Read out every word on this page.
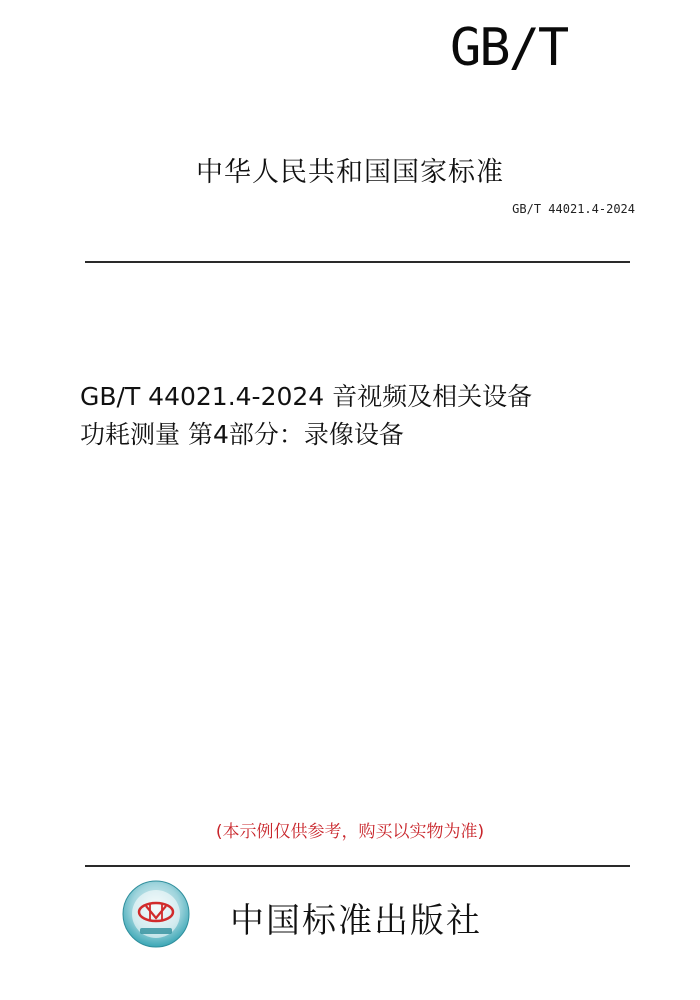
GB/T
中华人民共和国国家标准
GB/T 44021.4-2024
GB/T 44021.4-2024 音视频及相关设备
功耗测量 第4部分：录像设备
(本示例仅供参考，购买以实物为准)
中国标准出版社
